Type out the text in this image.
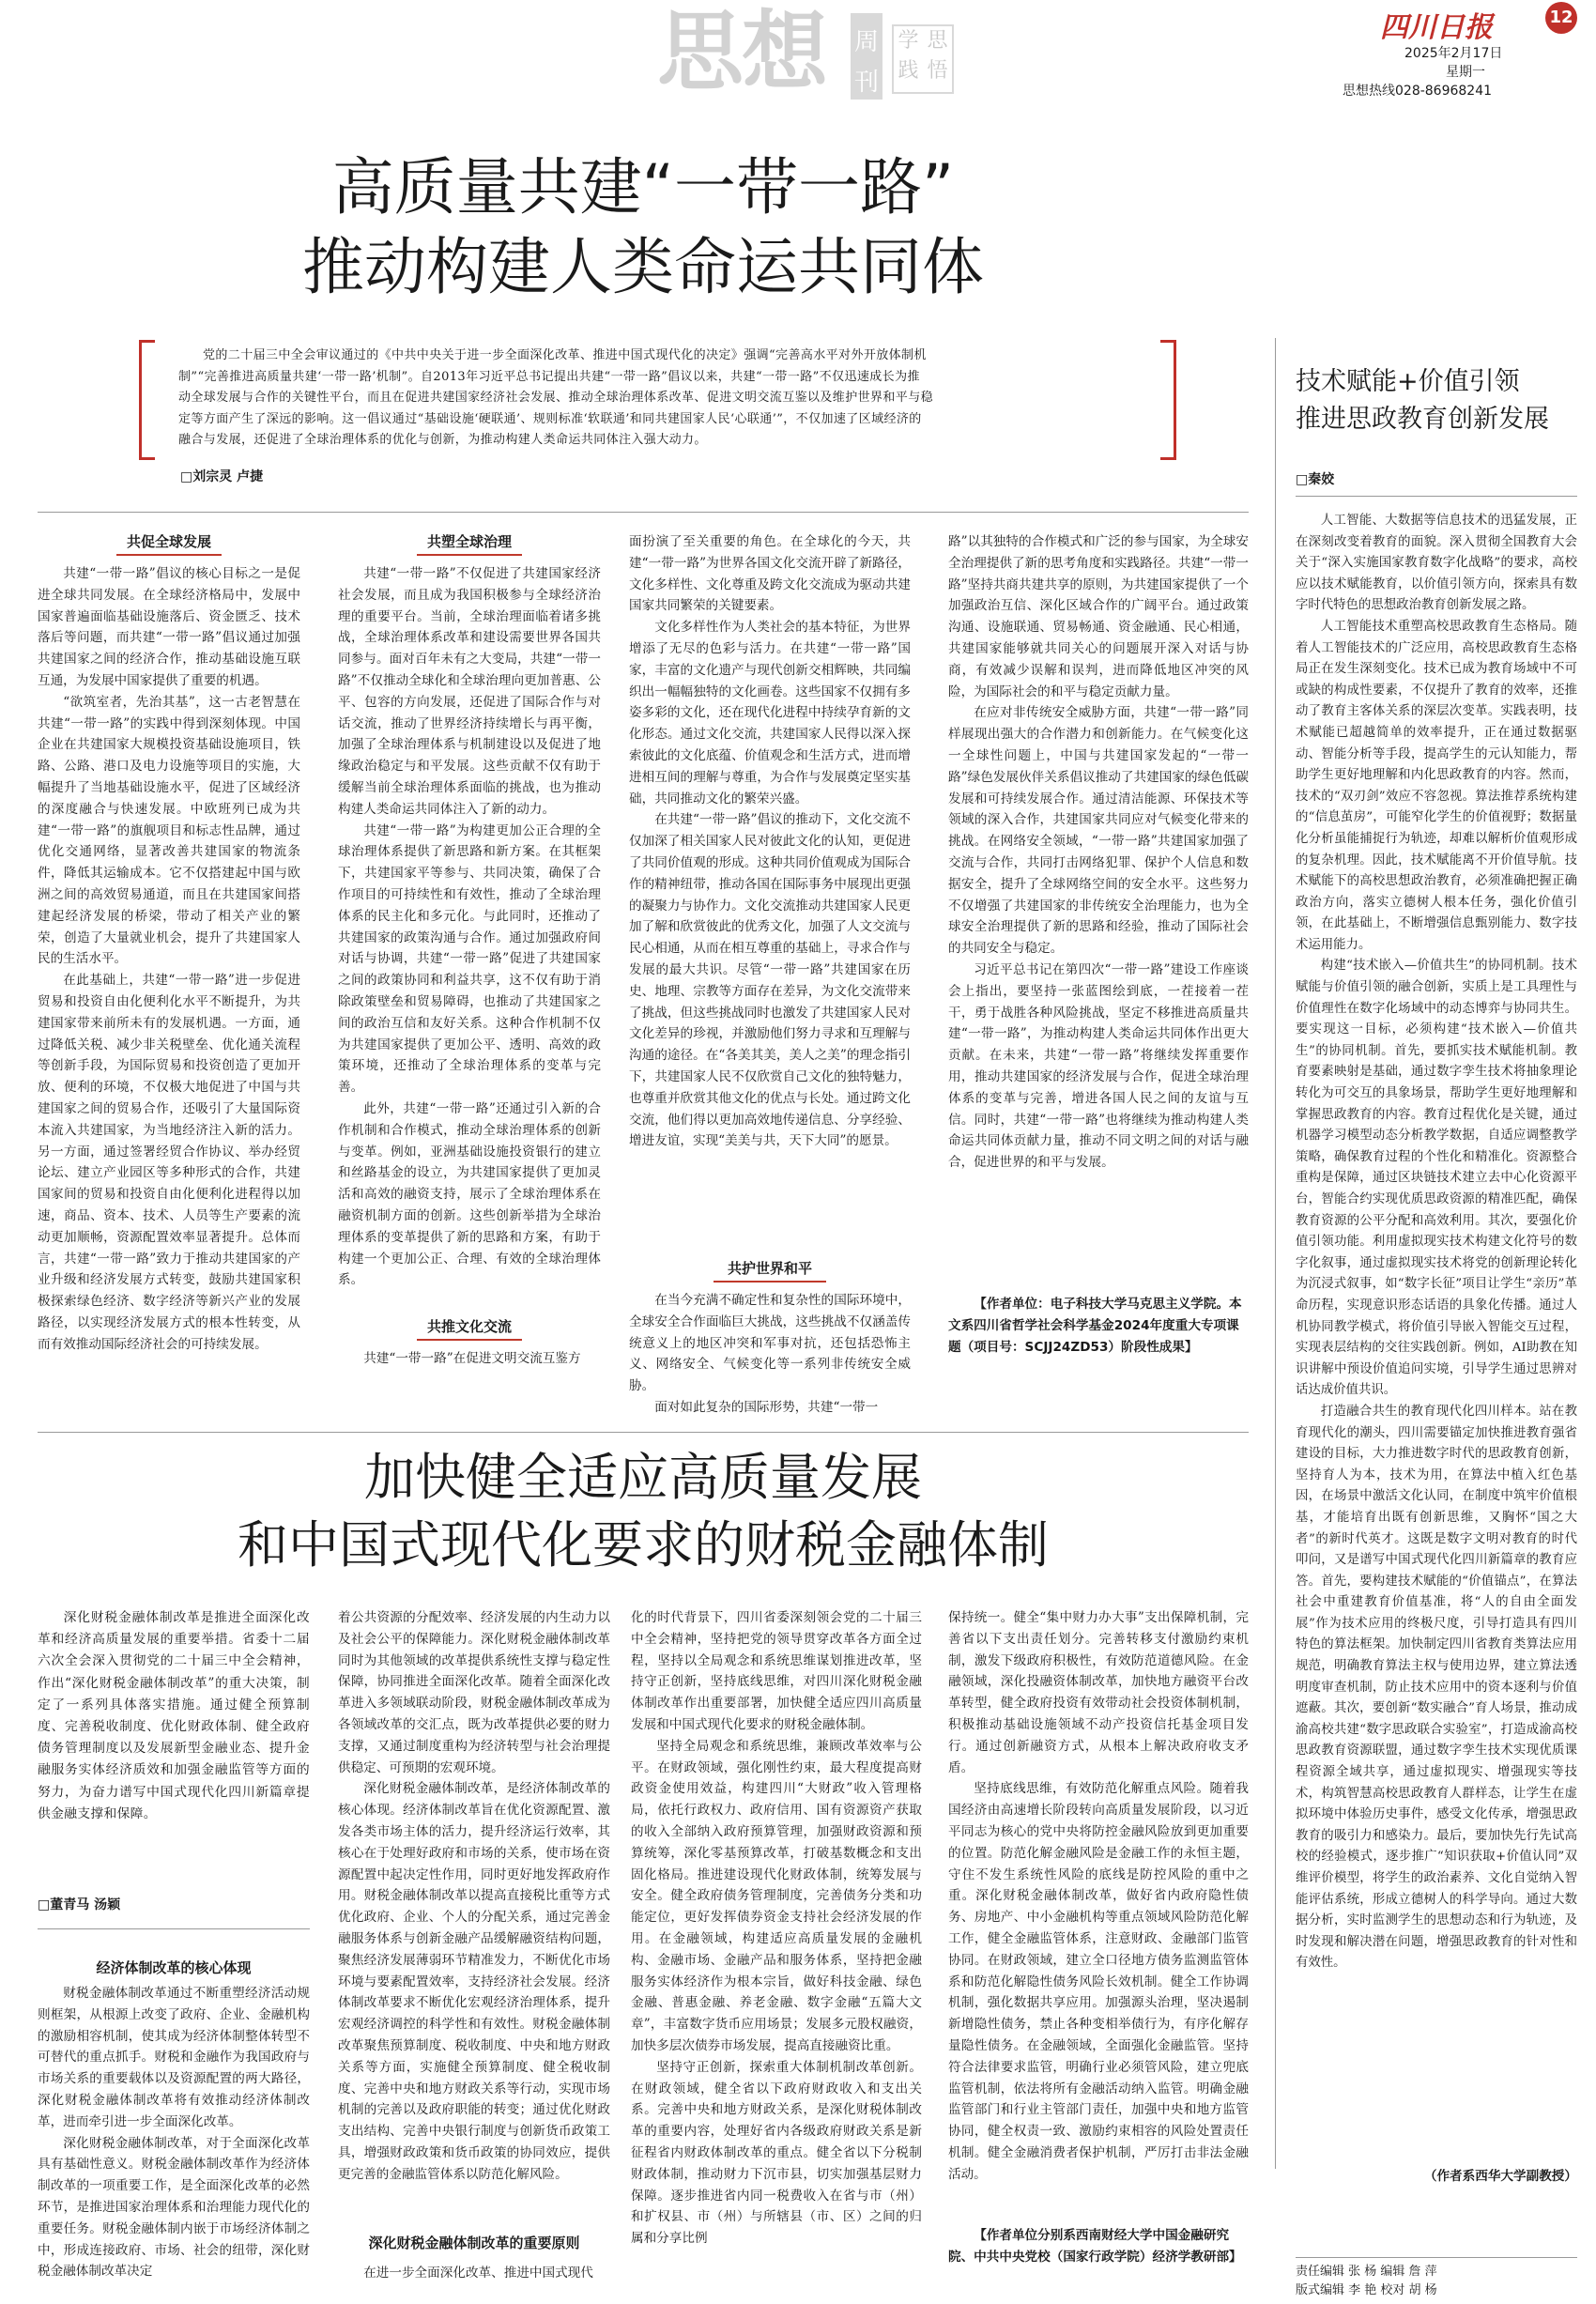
思想 周
刊
学 思
践 悟
四川日报	12
2025年2月17日
星期一
思想热线028-86968241
高质量共建“一带一路”
推动构建人类命运共同体
党的二十届三中全会审议通过的《中共中央关于进一步全面深化改革、推进中国式现代化的决定》强调“完善高水平对外开放体制机
制”“完善推进高质量共建‘一带一路’机制”。自2013年习近平总书记提出共建“一带一路”倡议以来，共建“一带一路”不仅迅速成长为推
动全球发展与合作的关键性平台，而且在促进共建国家经济社会发展、推动全球治理体系改革、促进文明交流互鉴以及维护世界和平与稳
定等方面产生了深远的影响。这一倡议通过“基础设施‘硬联通’、规则标准‘软联通’和同共建国家人民‘心联通’”，不仅加速了区域经济的
融合与发展，还促进了全球治理体系的优化与创新，为推动构建人类命运共同体注入强大动力。
□刘宗灵 卢捷
共促全球发展

共建“一带一路”倡议的核心目标之一是促进全球共同发展。在全球经济格局中，发展中国家普遍面临基础设施落后、资金匮乏、技术落后等问题，而共建“一带一路”倡议通过加强共建国家之间的经济合作，推动基础设施互联互通，为发展中国家提供了重要的机遇。

“欲筑室者，先治其基”，这一古老智慧在共建“一带一路”的实践中得到深刻体现。中国企业在共建国家大规模投资基础设施项目，铁路、公路、港口及电力设施等项目的实施，大幅提升了当地基础设施水平，促进了区域经济的深度融合与快速发展。中欧班列已成为共建“一带一路”的旗舰项目和标志性品牌，通过优化交通网络，显著改善共建国家的物流条件，降低其运输成本。它不仅搭建起中国与欧洲之间的高效贸易通道，而且在共建国家间搭建起经济发展的桥梁，带动了相关产业的繁荣，创造了大量就业机会，提升了共建国家人民的生活水平。

在此基础上，共建“一带一路”进一步促进贸易和投资自由化便利化水平不断提升，为共建国家带来前所未有的发展机遇。一方面，通过降低关税、减少非关税壁垒、优化通关流程等创新手段，为国际贸易和投资创造了更加开放、便利的环境，不仅极大地促进了中国与共建国家之间的贸易合作，还吸引了大量国际资本流入共建国家，为当地经济注入新的活力。另一方面，通过签署经贸合作协议、举办经贸论坛、建立产业园区等多种形式的合作，共建国家间的贸易和投资自由化便利化进程得以加速，商品、资本、技术、人员等生产要素的流动更加顺畅，资源配置效率显著提升。总体而言，共建“一带一路”致力于推动共建国家的产业升级和经济发展方式转变，鼓励共建国家积极探索绿色经济、数字经济等新兴产业的发展路径，以实现经济发展方式的根本性转变，从而有效推动国际经济社会的可持续发展。

共塑全球治理

共建“一带一路”不仅促进了共建国家经济社会发展，而且成为我国积极参与全球经济治理的重要平台。当前，全球治理面临着诸多挑战，全球治理体系改革和建设需要世界各国共同参与。面对百年未有之大变局，共建“一带一路”不仅推动全球化和全球治理向更加普惠、公平、包容的方向发展，还促进了国际合作与对话交流，推动了世界经济持续增长与再平衡，加强了全球治理体系与机制建设以及促进了地缘政治稳定与和平发展。这些贡献不仅有助于缓解当前全球治理体系面临的挑战，也为推动构建人类命运共同体注入了新的动力。

共建“一带一路”为构建更加公正合理的全球治理体系提供了新思路和新方案。在其框架下，共建国家平等参与、共同决策，确保了合作项目的可持续性和有效性，推动了全球治理体系的民主化和多元化。与此同时，还推动了共建国家的政策沟通与合作。通过加强政府间对话与协调，共建“一带一路”促进了共建国家之间的政策协同和利益共享，这不仅有助于消除政策壁垒和贸易障碍，也推动了共建国家之间的政治互信和友好关系。这种合作机制不仅为共建国家提供了更加公平、透明、高效的政策环境，还推动了全球治理体系的变革与完善。

此外，共建“一带一路”还通过引入新的合作机制和合作模式，推动全球治理体系的创新与变革。例如，亚洲基础设施投资银行的建立和丝路基金的设立，为共建国家提供了更加灵活和高效的融资支持，展示了全球治理体系在融资机制方面的创新。这些创新举措为全球治理体系的变革提供了新的思路和方案，有助于构建一个更加公正、合理、有效的全球治理体系。

共推文化交流

共建“一带一路”在促进文明交流互鉴方

面扮演了至关重要的角色。在全球化的今天，共建“一带一路”为世界各国文化交流开辟了新路径，文化多样性、文化尊重及跨文化交流成为驱动共建国家共同繁荣的关键要素。

文化多样性作为人类社会的基本特征，为世界增添了无尽的色彩与活力。在共建“一带一路”国家，丰富的文化遗产与现代创新交相辉映，共同编织出一幅幅独特的文化画卷。这些国家不仅拥有多姿多彩的文化，还在现代化进程中持续孕育新的文化形态。通过文化交流，共建国家人民得以深入探索彼此的文化底蕴、价值观念和生活方式，进而增进相互间的理解与尊重，为合作与发展奠定坚实基础，共同推动文化的繁荣兴盛。

在共建“一带一路”倡议的推动下，文化交流不仅加深了相关国家人民对彼此文化的认知，更促进了共同价值观的形成。这种共同价值观成为国际合作的精神纽带，推动各国在国际事务中展现出更强的凝聚力与协作力。文化交流推动共建国家人民更加了解和欣赏彼此的优秀文化，加强了人文交流与民心相通，从而在相互尊重的基础上，寻求合作与发展的最大共识。尽管“一带一路”共建国家在历史、地理、宗教等方面存在差异，为文化交流带来了挑战，但这些挑战同时也激发了共建国家人民对文化差异的珍视，并激励他们努力寻求和互理解与沟通的途径。在“各美其美，美人之美”的理念指引下，共建国家人民不仅欣赏自己文化的独特魅力，也尊重并欣赏其他文化的优点与长处。通过跨文化交流，他们得以更加高效地传递信息、分享经验、增进友谊，实现“美美与共，天下大同”的愿景。

共护世界和平

在当今充满不确定性和复杂性的国际环境中，全球安全合作面临巨大挑战，这些挑战不仅涵盖传统意义上的地区冲突和军事对抗，还包括恐怖主义、网络安全、气候变化等一系列非传统安全威胁。

面对如此复杂的国际形势，共建“一带一

路”以其独特的合作模式和广泛的参与国家，为全球安全治理提供了新的思考角度和实践路径。共建“一带一路”坚持共商共建共享的原则，为共建国家提供了一个加强政治互信、深化区域合作的广阔平台。通过政策沟通、设施联通、贸易畅通、资金融通、民心相通，共建国家能够就共同关心的问题展开深入对话与协商，有效减少误解和误判，进而降低地区冲突的风险，为国际社会的和平与稳定贡献力量。

在应对非传统安全威胁方面，共建“一带一路”同样展现出强大的合作潜力和创新能力。在气候变化这一全球性问题上，中国与共建国家发起的“一带一路”绿色发展伙伴关系倡议推动了共建国家的绿色低碳发展和可持续发展合作。通过清洁能源、环保技术等领域的深入合作，共建国家共同应对气候变化带来的挑战。在网络安全领域，“一带一路”共建国家加强了交流与合作，共同打击网络犯罪、保护个人信息和数据安全，提升了全球网络空间的安全水平。这些努力不仅增强了共建国家的非传统安全治理能力，也为全球安全治理提供了新的思路和经验，推动了国际社会的共同安全与稳定。

习近平总书记在第四次“一带一路”建设工作座谈会上指出，要坚持一张蓝图绘到底，一茬接着一茬干，勇于战胜各种风险挑战，坚定不移推进高质量共建“一带一路”，为推动构建人类命运共同体作出更大贡献。在未来，共建“一带一路”将继续发挥重要作用，推动共建国家的经济发展与合作，促进全球治理体系的变革与完善，增进各国人民之间的友谊与互信。同时，共建“一带一路”也将继续为推动构建人类命运共同体贡献力量，推动不同文明之间的对话与融合，促进世界的和平与发展。

【作者单位：电子科技大学马克思主义学院。本文系四川省哲学社会科学基金2024年度重大专项课题（项目号：SCJJ24ZD53）阶段性成果】
加快健全适应高质量发展
和中国式现代化要求的财税金融体制
深化财税金融体制改革是推进全面深化改革和经济高质量发展的重要举措。省委十二届六次全会深入贯彻党的二十届三中全会精神，作出“深化财税金融体制改革”的重大决策，制定了一系列具体落实措施。通过健全预算制度、完善税收制度、优化财政体制、健全政府债务管理制度以及发展新型金融业态、提升金融服务实体经济质效和加强金融监管等方面的努力，为奋力谱写中国式现代化四川新篇章提供金融支撑和保障。
□董青马 汤颖
经济体制改革的核心体现

财税金融体制改革通过不断重塑经济活动规则框架，从根源上改变了政府、企业、金融机构的激励相容机制，使其成为经济体制整体转型不可替代的重点抓手。财税和金融作为我国政府与市场关系的重要载体以及资源配置的两大路径，深化财税金融体制改革将有效推动经济体制改革，进而牵引进一步全面深化改革。

深化财税金融体制改革，对于全面深化改革具有基础性意义。财税金融体制改革作为经济体制改革的一项重要工作，是全面深化改革的必然环节，是推进国家治理体系和治理能力现代化的重要任务。财税金融体制内嵌于市场经济体制之中，形成连接政府、市场、社会的纽带，深化财税金融体制改革决定

着公共资源的分配效率、经济发展的内生动力以及社会公平的保障能力。深化财税金融体制改革同时为其他领域的改革提供系统性支撑与稳定性保障，协同推进全面深化改革。随着全面深化改革进入多领域联动阶段，财税金融体制改革成为各领域改革的交汇点，既为改革提供必要的财力支撑，又通过制度重构为经济转型与社会治理提供稳定、可预期的宏观环境。

深化财税金融体制改革，是经济体制改革的核心体现。经济体制改革旨在优化资源配置、激发各类市场主体的活力，提升经济运行效率，其核心在于处理好政府和市场的关系，使市场在资源配置中起决定性作用，同时更好地发挥政府作用。财税金融体制改革以提高直接税比重等方式优化政府、企业、个人的分配关系，通过完善金融服务体系与创新金融产品缓解融资结构问题，聚焦经济发展薄弱环节精准发力，不断优化市场环境与要素配置效率，支持经济社会发展。经济体制改革要求不断优化宏观经济治理体系，提升宏观经济调控的科学性和有效性。财税金融体制改革聚焦预算制度、税收制度、中央和地方财政关系等方面，实施健全预算制度、健全税收制度、完善中央和地方财政关系等行动，实现市场机制的完善以及政府职能的转变；通过优化财政支出结构、完善中央银行制度与创新货币政策工具，增强财政政策和货币政策的协同效应，提供更完善的金融监管体系以防范化解风险。

深化财税金融体制改革的重要原则

在进一步全面深化改革、推进中国式现代

化的时代背景下，四川省委深刻领会党的二十届三中全会精神，坚持把党的领导贯穿改革各方面全过程，坚持以全局观念和系统思维谋划推进改革，坚持守正创新，坚持底线思维，对四川深化财税金融体制改革作出重要部署，加快健全适应四川高质量发展和中国式现代化要求的财税金融体制。

坚持全局观念和系统思维，兼顾改革效率与公平。在财政领域，强化刚性约束，最大程度提高财政资金使用效益，构建四川“大财政”收入管理格局，依托行政权力、政府信用、国有资源资产获取的收入全部纳入政府预算管理，加强财政资源和预算统筹，深化零基预算改革，打破基数概念和支出固化格局。推进建设现代化财政体制，统筹发展与安全。健全政府债务管理制度，完善债务分类和功能定位，更好发挥债券资金支持社会经济发展的作用。在金融领域，构建适应高质量发展的金融机构、金融市场、金融产品和服务体系，坚持把金融服务实体经济作为根本宗旨，做好科技金融、绿色金融、普惠金融、养老金融、数字金融“五篇大文章”，丰富数字货币应用场景；发展多元股权融资，加快多层次债券市场发展，提高直接融资比重。

坚持守正创新，探索重大体制机制改革创新。在财政领域，健全省以下政府财政收入和支出关系。完善中央和地方财政关系，是深化财税体制改革的重要内容，处理好省内各级政府财政关系是新征程省内财政体制改革的重点。健全省以下分税制财政体制，推动财力下沉市县，切实加强基层财力保障。逐步推进省内同一税费收入在省与市（州）和扩权县、市（州）与所辖县（市、区）之间的归属和分享比例

保持统一。健全“集中财力办大事”支出保障机制，完善省以下支出责任划分。完善转移支付激励约束机制，激发下级政府积极性，有效防范道德风险。在金融领域，深化投融资体制改革，加快地方融资平台改革转型，健全政府投资有效带动社会投资体制机制，积极推动基础设施领域不动产投资信托基金项目发行。通过创新融资方式，从根本上解决政府收支矛盾。

坚持底线思维，有效防范化解重点风险。随着我国经济由高速增长阶段转向高质量发展阶段，以习近平同志为核心的党中央将防控金融风险放到更加重要的位置。防范化解金融风险是金融工作的永恒主题，守住不发生系统性风险的底线是防控风险的重中之重。深化财税金融体制改革，做好省内政府隐性债务、房地产、中小金融机构等重点领域风险防范化解工作，健全金融监管体系，注意财政、金融部门监管协同。在财政领域，建立全口径地方债务监测监管体系和防范化解隐性债务风险长效机制。健全工作协调机制，强化数据共享应用。加强源头治理，坚决遏制新增隐性债务，禁止各种变相举债行为，有序化解存量隐性债务。在金融领域，全面强化金融监管。坚持符合法律要求监管，明确行业必须管风险，建立兜底监管机制，依法将所有金融活动纳入监管。明确金融监管部门和行业主管部门责任，加强中央和地方监管协同，健全权责一致、激励约束相容的风险处置责任机制。健全金融消费者保护机制，严厉打击非法金融活动。

【作者单位分别系西南财经大学中国金融研究院、中共中央党校（国家行政学院）经济学教研部】
技术赋能+价值引领
推进思政教育创新发展
□秦姣

人工智能、大数据等信息技术的迅猛发展，正在深刻改变着教育的面貌。深入贯彻全国教育大会关于“深入实施国家教育数字化战略”的要求，高校应以技术赋能教育，以价值引领方向，探索具有数字时代特色的思想政治教育创新发展之路。

人工智能技术重塑高校思政教育生态格局。随着人工智能技术的广泛应用，高校思政教育生态格局正在发生深刻变化。技术已成为教育场域中不可或缺的构成性要素，不仅提升了教育的效率，还推动了教育主客体关系的深层次变革。实践表明，技术赋能已超越简单的效率提升，正在通过数据驱动、智能分析等手段，提高学生的元认知能力，帮助学生更好地理解和内化思政教育的内容。然而，技术的“双刃剑”效应不容忽视。算法推荐系统构建的“信息茧房”，可能窄化学生的价值视野；数据量化分析虽能捕捉行为轨迹，却难以解析价值观形成的复杂机理。因此，技术赋能离不开价值导航。技术赋能下的高校思想政治教育，必须准确把握正确政治方向，落实立德树人根本任务，强化价值引领，在此基础上，不断增强信息甄别能力、数字技术运用能力。

构建“技术嵌入—价值共生”的协同机制。技术赋能与价值引领的融合创新，实质上是工具理性与价值理性在数字化场域中的动态博弈与协同共生。要实现这一目标，必须构建“技术嵌入—价值共生”的协同机制。首先，要抓实技术赋能机制。教育要素映射是基础，通过数字孪生技术将抽象理论转化为可交互的具象场景，帮助学生更好地理解和掌握思政教育的内容。教育过程优化是关键，通过机器学习模型动态分析教学数据，自适应调整教学策略，确保教育过程的个性化和精准化。资源整合重构是保障，通过区块链技术建立去中心化资源平台，智能合约实现优质思政资源的精准匹配，确保教育资源的公平分配和高效利用。其次，要强化价值引领功能。利用虚拟现实技术构建文化符号的数字化叙事，通过虚拟现实技术将党的创新理论转化为沉浸式叙事，如“数字长征”项目让学生“亲历”革命历程，实现意识形态话语的具象化传播。通过人机协同教学模式，将价值引导嵌入智能交互过程，实现表层结构的交往实践创新。例如，AI助教在知识讲解中预设价值追问实境，引导学生通过思辨对话达成价值共识。

打造融合共生的教育现代化四川样本。站在教育现代化的潮头，四川需要锚定加快推进教育强省建设的目标，大力推进数字时代的思政教育创新，坚持育人为本，技术为用，在算法中植入红色基因，在场景中激活文化认同，在制度中筑牢价值根基，才能培育出既有创新思维，又胸怀“国之大者”的新时代英才。这既是数字文明对教育的时代叩问，又是谱写中国式现代化四川新篇章的教育应答。首先，要构建技术赋能的“价值锚点”，在算法社会中重建教育价值基准，将“人的自由全面发展”作为技术应用的终极尺度，引导打造具有四川特色的算法框架。加快制定四川省教育类算法应用规范，明确教育算法主权与使用边界，建立算法透明度审查机制，防止技术应用中的资本逐利与价值遮蔽。其次，要创新“数实融合”育人场景，推动成渝高校共建“数字思政联合实验室”，打造成渝高校思政教育资源联盟，通过数字孪生技术实现优质课程资源全域共享，通过虚拟现实、增强现实等技术，构筑智慧高校思政教育人群样态，让学生在虚拟环境中体验历史事件，感受文化传承，增强思政教育的吸引力和感染力。最后，要加快先行先试高校的经验模式，逐步推广“知识获取+价值认同”双维评价模型，将学生的政治素养、文化自觉纳入智能评估系统，形成立德树人的科学导向。通过大数据分析，实时监测学生的思想动态和行为轨迹，及时发现和解决潜在问题，增强思政教育的针对性和有效性。

（作者系西华大学副教授）
责任编辑 张 杨 编辑 詹 萍
版式编辑 李 艳 校对 胡 杨
